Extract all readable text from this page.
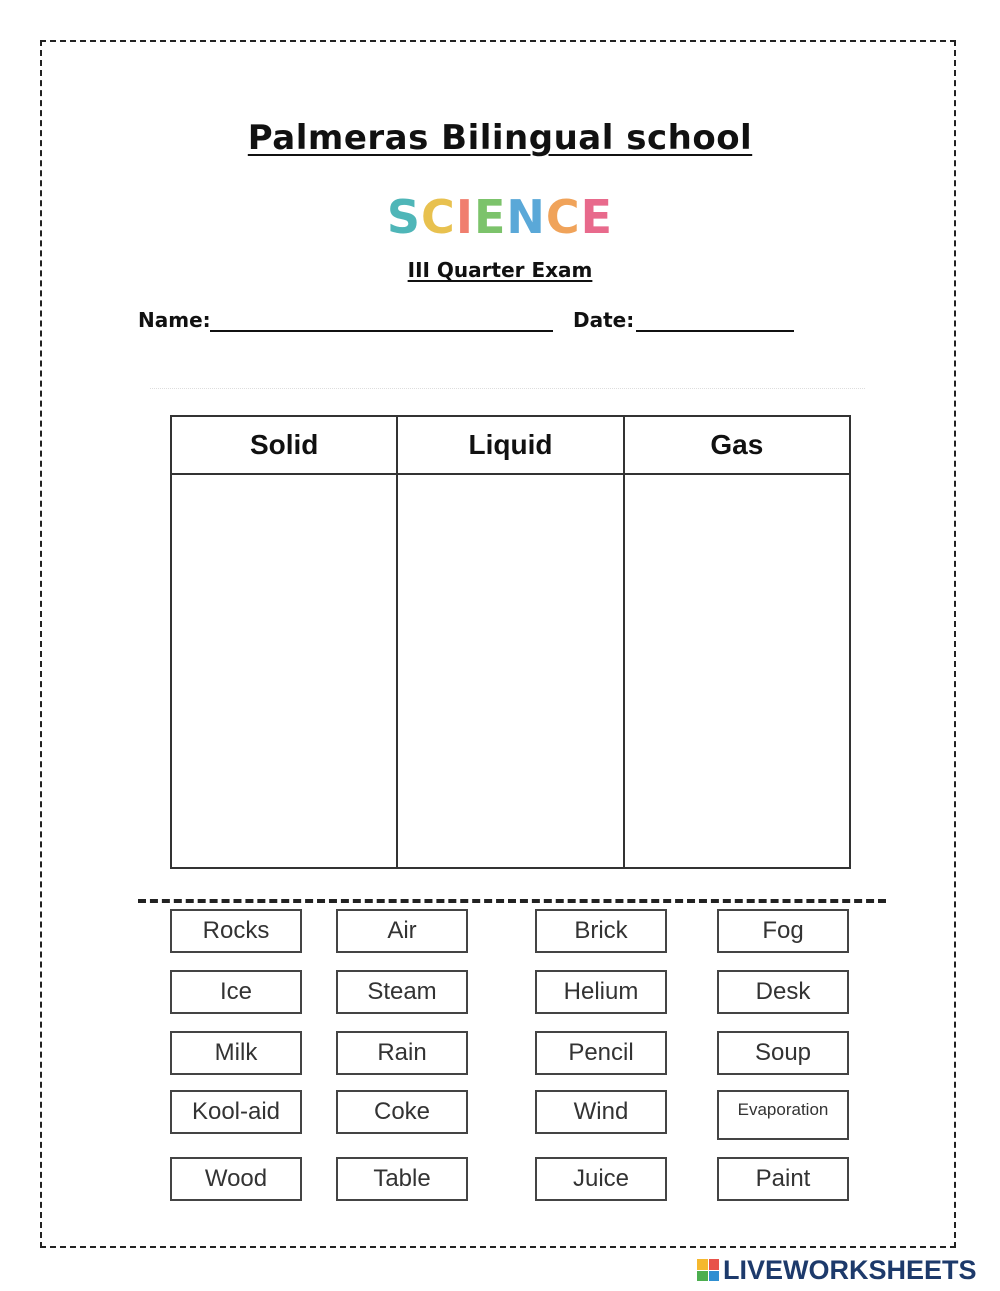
Palmeras Bilingual school
SCIENCE
III Quarter Exam
Name:	Date:
Solid	Liquid	Gas

Rocks	Air	Brick	Fog
Ice	Steam	Helium	Desk
Milk	Rain	Pencil	Soup
Kool-aid	Coke	Wind	Evaporation
Wood	Table	Juice	Paint
LIVEWORKSHEETS
